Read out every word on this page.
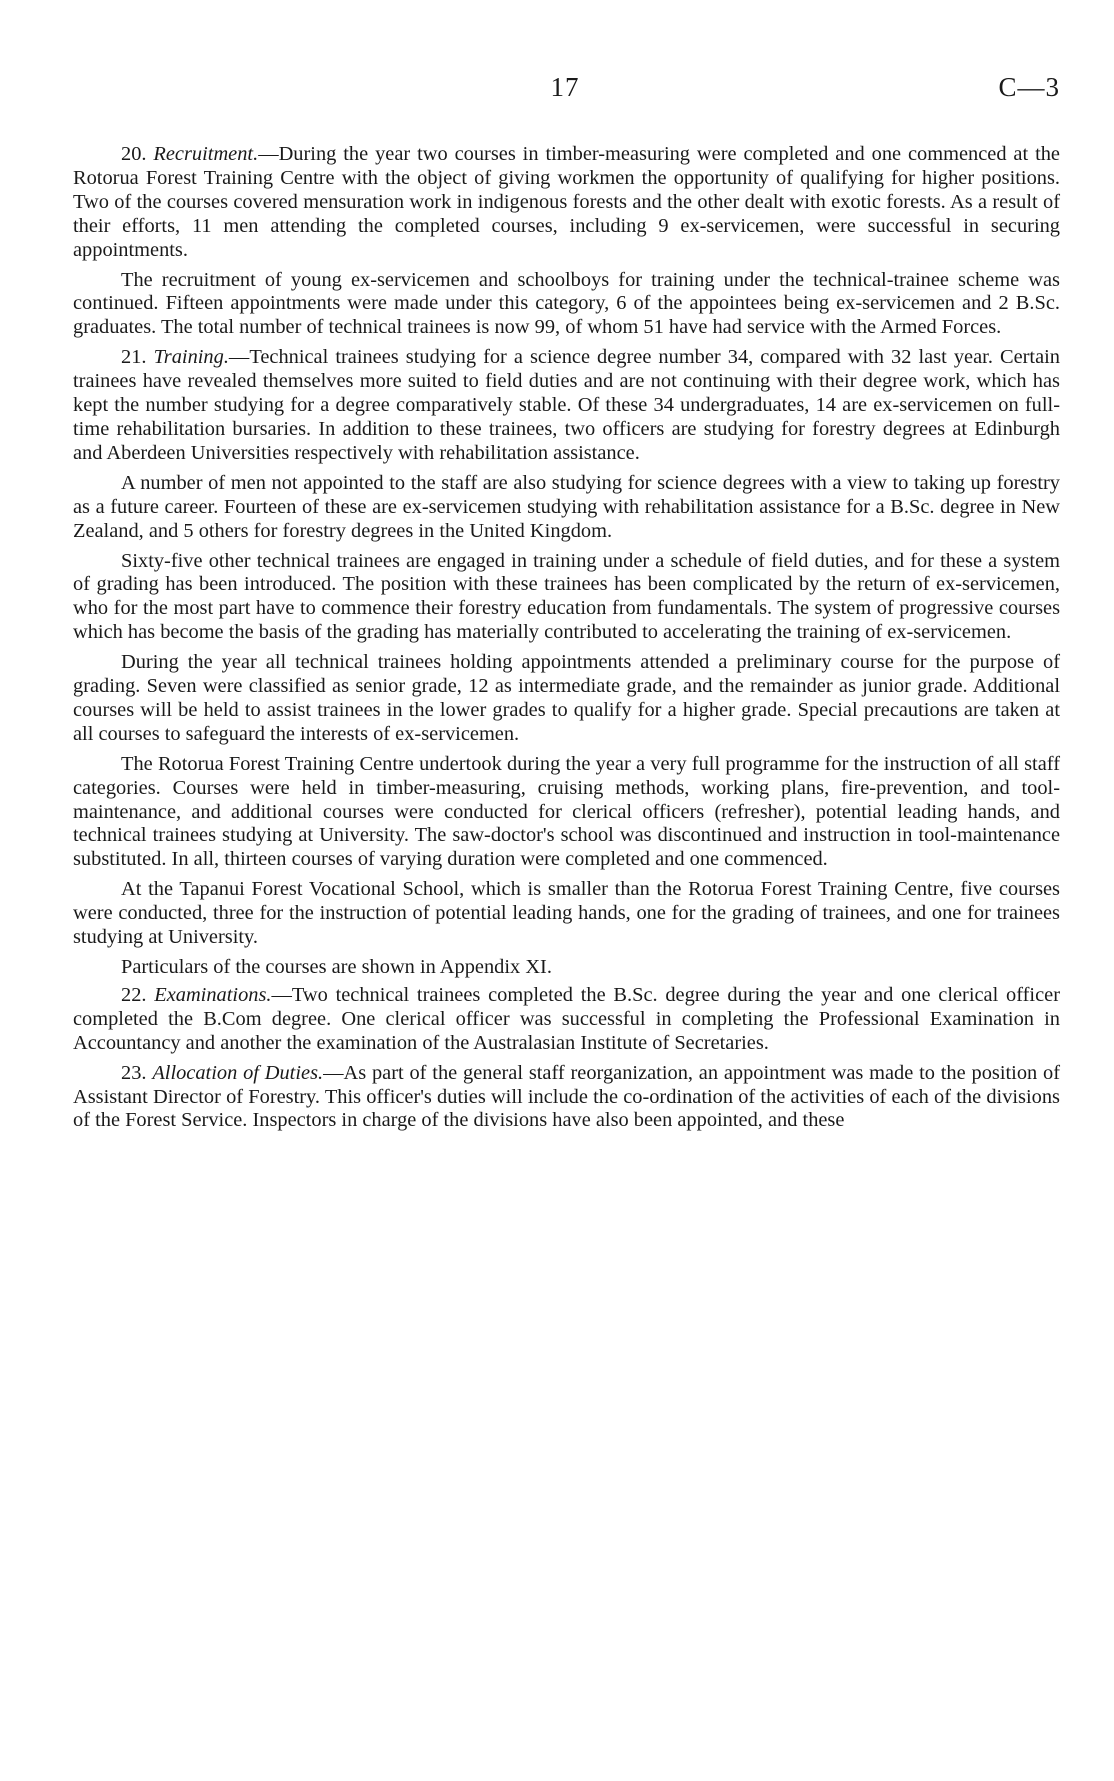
17	C—3

20. Recruitment.—During the year two courses in timber-measuring were completed and one commenced at the Rotorua Forest Training Centre with the object of giving workmen the opportunity of qualifying for higher positions. Two of the courses covered mensuration work in indigenous forests and the other dealt with exotic forests. As a result of their efforts, 11 men attending the completed courses, including 9 ex-servicemen, were successful in securing appointments.

The recruitment of young ex-servicemen and schoolboys for training under the technical-trainee scheme was continued. Fifteen appointments were made under this category, 6 of the appointees being ex-servicemen and 2 B.Sc. graduates. The total number of technical trainees is now 99, of whom 51 have had service with the Armed Forces.

21. Training.—Technical trainees studying for a science degree number 34, compared with 32 last year. Certain trainees have revealed themselves more suited to field duties and are not continuing with their degree work, which has kept the number studying for a degree comparatively stable. Of these 34 undergraduates, 14 are ex-servicemen on full-time rehabilitation bursaries. In addition to these trainees, two officers are studying for forestry degrees at Edinburgh and Aberdeen Universities respectively with rehabilitation assistance.

A number of men not appointed to the staff are also studying for science degrees with a view to taking up forestry as a future career. Fourteen of these are ex-servicemen studying with rehabilitation assistance for a B.Sc. degree in New Zealand, and 5 others for forestry degrees in the United Kingdom.

Sixty-five other technical trainees are engaged in training under a schedule of field duties, and for these a system of grading has been introduced. The position with these trainees has been complicated by the return of ex-servicemen, who for the most part have to commence their forestry education from fundamentals. The system of progressive courses which has become the basis of the grading has materially contributed to accelerating the training of ex-servicemen.

During the year all technical trainees holding appointments attended a preliminary course for the purpose of grading. Seven were classified as senior grade, 12 as intermediate grade, and the remainder as junior grade. Additional courses will be held to assist trainees in the lower grades to qualify for a higher grade. Special precautions are taken at all courses to safeguard the interests of ex-servicemen.

The Rotorua Forest Training Centre undertook during the year a very full programme for the instruction of all staff categories. Courses were held in timber-measuring, cruising methods, working plans, fire-prevention, and tool-maintenance, and additional courses were conducted for clerical officers (refresher), potential leading hands, and technical trainees studying at University. The saw-doctor's school was discontinued and instruction in tool-maintenance substituted. In all, thirteen courses of varying duration were completed and one commenced.

At the Tapanui Forest Vocational School, which is smaller than the Rotorua Forest Training Centre, five courses were conducted, three for the instruction of potential leading hands, one for the grading of trainees, and one for trainees studying at University.

Particulars of the courses are shown in Appendix XI.

22. Examinations.—Two technical trainees completed the B.Sc. degree during the year and one clerical officer completed the B.Com degree. One clerical officer was successful in completing the Professional Examination in Accountancy and another the examination of the Australasian Institute of Secretaries.

23. Allocation of Duties.—As part of the general staff reorganization, an appointment was made to the position of Assistant Director of Forestry. This officer's duties will include the co-ordination of the activities of each of the divisions of the Forest Service. Inspectors in charge of the divisions have also been appointed, and these
